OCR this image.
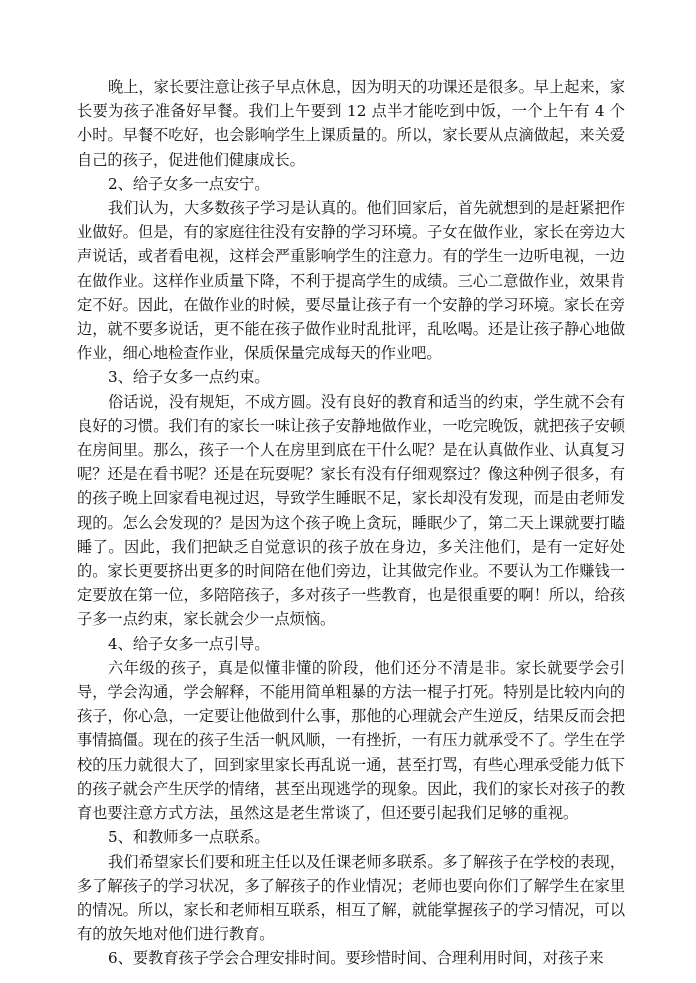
晚上，家长要注意让孩子早点休息，因为明天的功课还是很多。早上起来，家长要为孩子准备好早餐。我们上午要到 12 点半才能吃到中饭，一个上午有 4 个小时。早餐不吃好，也会影响学生上课质量的。所以，家长要从点滴做起，来关爱自己的孩子，促进他们健康成长。

2、给子女多一点安宁。

我们认为，大多数孩子学习是认真的。他们回家后，首先就想到的是赶紧把作业做好。但是，有的家庭往往没有安静的学习环境。子女在做作业，家长在旁边大声说话，或者看电视，这样会严重影响学生的注意力。有的学生一边听电视，一边在做作业。这样作业质量下降，不利于提高学生的成绩。三心二意做作业，效果肯定不好。因此，在做作业的时候，要尽量让孩子有一个安静的学习环境。家长在旁边，就不要多说话，更不能在孩子做作业时乱批评，乱吆喝。还是让孩子静心地做作业，细心地检查作业，保质保量完成每天的作业吧。

3、给子女多一点约束。

俗话说，没有规矩，不成方圆。没有良好的教育和适当的约束，学生就不会有良好的习惯。我们有的家长一味让孩子安静地做作业，一吃完晚饭，就把孩子安顿在房间里。那么，孩子一个人在房里到底在干什么呢？是在认真做作业、认真复习呢？还是在看书呢？还是在玩耍呢？家长有没有仔细观察过？像这种例子很多，有的孩子晚上回家看电视过迟，导致学生睡眠不足，家长却没有发现，而是由老师发现的。怎么会发现的？是因为这个孩子晚上贪玩，睡眠少了，第二天上课就要打瞌睡了。因此，我们把缺乏自觉意识的孩子放在身边，多关注他们，是有一定好处的。家长更要挤出更多的时间陪在他们旁边，让其做完作业。不要认为工作赚钱一定要放在第一位，多陪陪孩子，多对孩子一些教育，也是很重要的啊！所以，给孩子多一点约束，家长就会少一点烦恼。

4、给子女多一点引导。

六年级的孩子，真是似懂非懂的阶段，他们还分不清是非。家长就要学会引导，学会沟通，学会解释，不能用简单粗暴的方法一棍子打死。特别是比较内向的孩子，你心急，一定要让他做到什么事，那他的心理就会产生逆反，结果反而会把事情搞僵。现在的孩子生活一帆风顺，一有挫折，一有压力就承受不了。学生在学校的压力就很大了，回到家里家长再乱说一通，甚至打骂，有些心理承受能力低下的孩子就会产生厌学的情绪，甚至出现逃学的现象。因此，我们的家长对孩子的教育也要注意方式方法，虽然这是老生常谈了，但还要引起我们足够的重视。

5、和教师多一点联系。

我们希望家长们要和班主任以及任课老师多联系。多了解孩子在学校的表现，多了解孩子的学习状况，多了解孩子的作业情况；老师也要向你们了解学生在家里的情况。所以，家长和老师相互联系，相互了解，就能掌握孩子的学习情况，可以有的放矢地对他们进行教育。

6、要教育孩子学会合理安排时间。要珍惜时间、合理利用时间，对孩子来
